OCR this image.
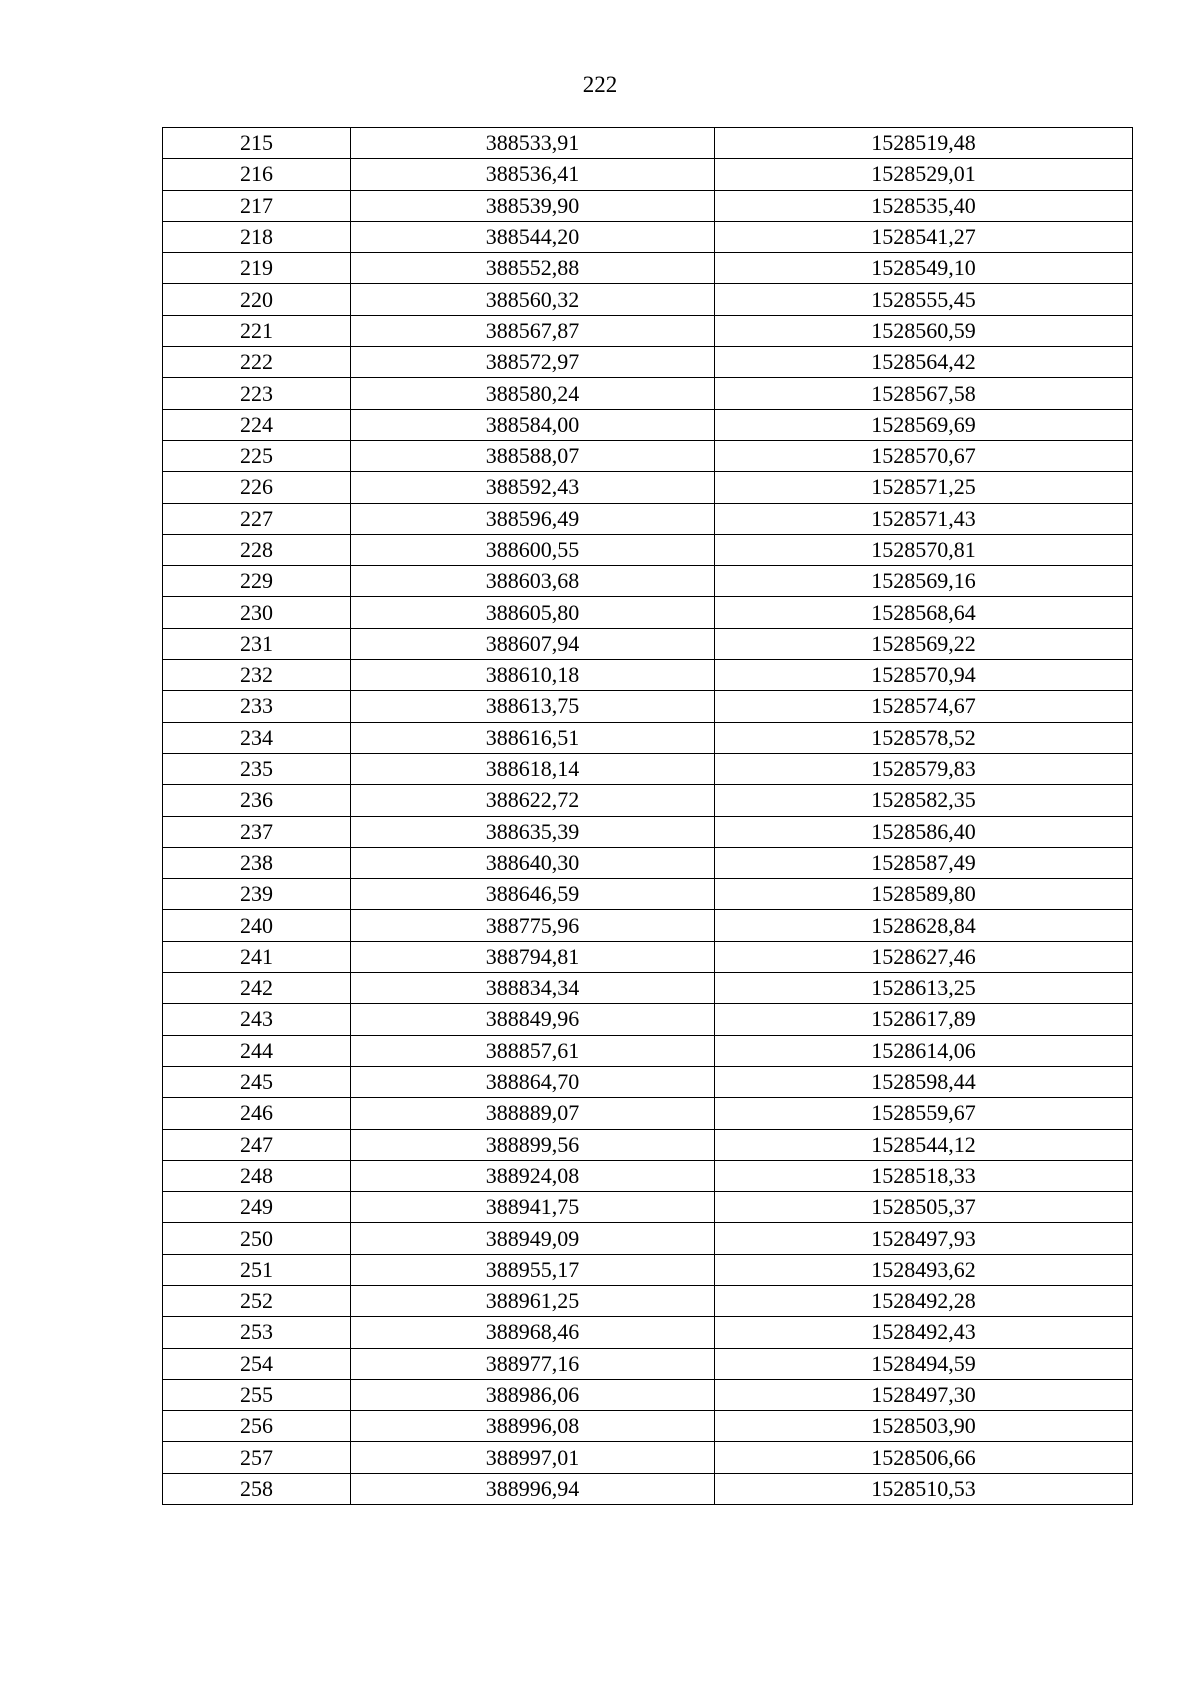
222
215	388533,91	1528519,48
216	388536,41	1528529,01
217	388539,90	1528535,40
218	388544,20	1528541,27
219	388552,88	1528549,10
220	388560,32	1528555,45
221	388567,87	1528560,59
222	388572,97	1528564,42
223	388580,24	1528567,58
224	388584,00	1528569,69
225	388588,07	1528570,67
226	388592,43	1528571,25
227	388596,49	1528571,43
228	388600,55	1528570,81
229	388603,68	1528569,16
230	388605,80	1528568,64
231	388607,94	1528569,22
232	388610,18	1528570,94
233	388613,75	1528574,67
234	388616,51	1528578,52
235	388618,14	1528579,83
236	388622,72	1528582,35
237	388635,39	1528586,40
238	388640,30	1528587,49
239	388646,59	1528589,80
240	388775,96	1528628,84
241	388794,81	1528627,46
242	388834,34	1528613,25
243	388849,96	1528617,89
244	388857,61	1528614,06
245	388864,70	1528598,44
246	388889,07	1528559,67
247	388899,56	1528544,12
248	388924,08	1528518,33
249	388941,75	1528505,37
250	388949,09	1528497,93
251	388955,17	1528493,62
252	388961,25	1528492,28
253	388968,46	1528492,43
254	388977,16	1528494,59
255	388986,06	1528497,30
256	388996,08	1528503,90
257	388997,01	1528506,66
258	388996,94	1528510,53
